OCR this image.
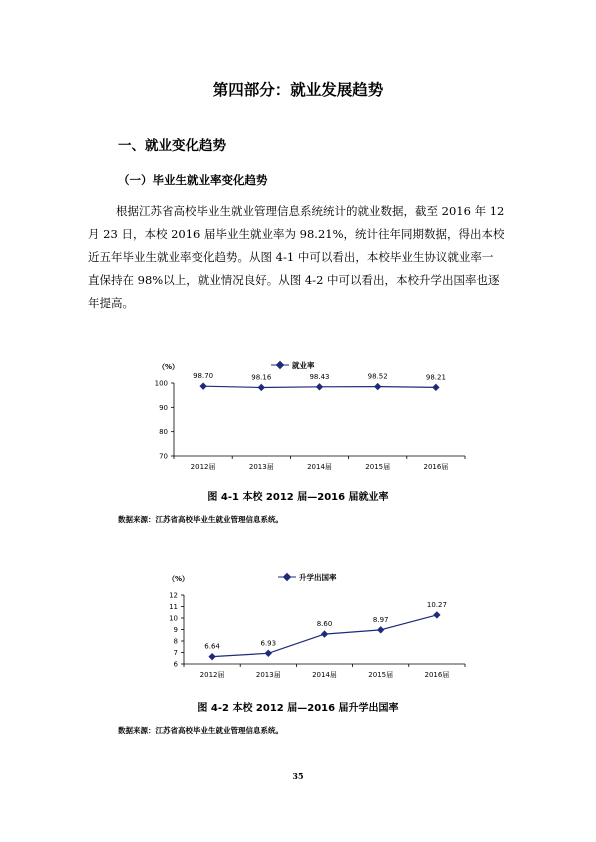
第四部分：就业发展趋势
一、就业变化趋势
（一）毕业生就业率变化趋势
根据江苏省高校毕业生就业管理信息系统统计的就业数据，截至 2016 年 12
月 23 日，本校 2016 届毕业生就业率为 98.21%，统计往年同期数据，得出本校
近五年毕业生就业率变化趋势。从图 4-1 中可以看出，本校毕业生协议就业率一
直保持在 98%以上，就业情况良好。从图 4-2 中可以看出，本校升学出国率也逐
年提高。
（%）	就业率
70
80
90
100
2012届	2013届	2014届	2015届	2016届
98.70	98.16	98.43	98.52	98.21
图 4-1 本校 2012 届—2016 届就业率
数据来源：江苏省高校毕业生就业管理信息系统。
（%）	升学出国率
6
7
8
9
10
11
12
2012届	2013届	2014届	2015届	2016届
6.64	6.93
8.60
8.97
10.27
图 4-2 本校 2012 届—2016 届升学出国率
数据来源：江苏省高校毕业生就业管理信息系统。
35
